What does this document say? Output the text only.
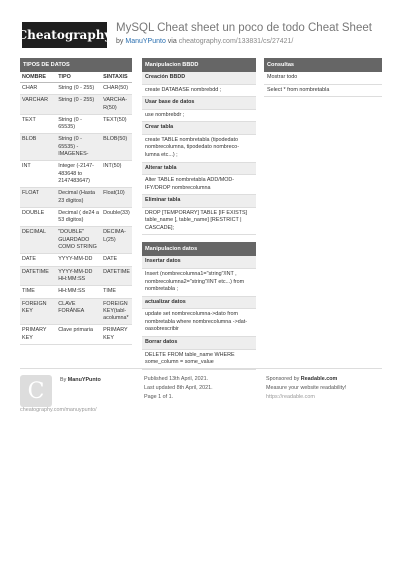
Cheatography MySQL Cheat sheet un poco de todo Cheat Sheet
by ManuYPunto via cheatography.com/133831/cs/27421/
TIPOS DE DATOS
NOMBRE	TIPO	SINTAXIS
CHAR	String (0 - 255)	CHAR(50)
VARCHAR	String (0 - 255)	VARCHA-R(50)
TEXT	String (0 - 65535)	TEXT(50)
BLOB	String (0 - 65535) - IMAGENES-	BLOB(50)
INT	Integer (-2147-483648 to 2147483647)	INT(50)
FLOAT	Decimal (Hasta 23 dígitos)	Float(10)
DOUBLE	Decimal ( de24 a 53 dígitos)	Double(33)
DECIMAL	"DOUBLE" GUARDADO COMO STRING	DECIMA-L(25)
DATE	YYYY-MM-DD	DATE
DATETIME	YYYY-MM-DD HH:MM:SS	DATETIME
TIME	HH:MM:SS	TIME
FOREIGN KEY	CLAVE FORÁNEA	FOREIGN KEY(tabl-acolumna*
PRIMARY KEY	Clave primaria	PRIMARY KEY
Manipulacion BBDD
Creación BBDD
create DATABASE nombrebdd ;
Usar base de datos
use nombrebdr ;
Crear tabla
create TABLE nombretabla (tipodedato nombrecolumna, tipodedato nombreco-lumna etc...) ;
Alterar tabla
Alter TABLE nombretabla ADD/MOD-IFY/DROP nombrecolumna
Eliminar tabla
DROP [TEMPORARY] TABLE [IF EXISTS] table_name [, table_name] [RESTRICT | CASCADE];
Manipulacion datos
Insertar datos
Insert (nombrecolumna1="string"/INT , nombrecolumna2="string"/INT etc...) from nombretabla ;
actualizar datos
update set nombrecolumna->dato from nombretabla where nombrecolumna ->dat-oasobrescribir
Borrar datos
DELETE FROM table_name WHERE some_column = some_value
Consultas
Mostrar todo
Select * from nombretabla
C	By ManuYPunto	Published 13th April, 2021.
Last updated 8th April, 2021.
Page 1 of 1.
Sponsored by Readable.com
Measure your website readability!
https://readable.com
cheatography.com/manuypunto/
